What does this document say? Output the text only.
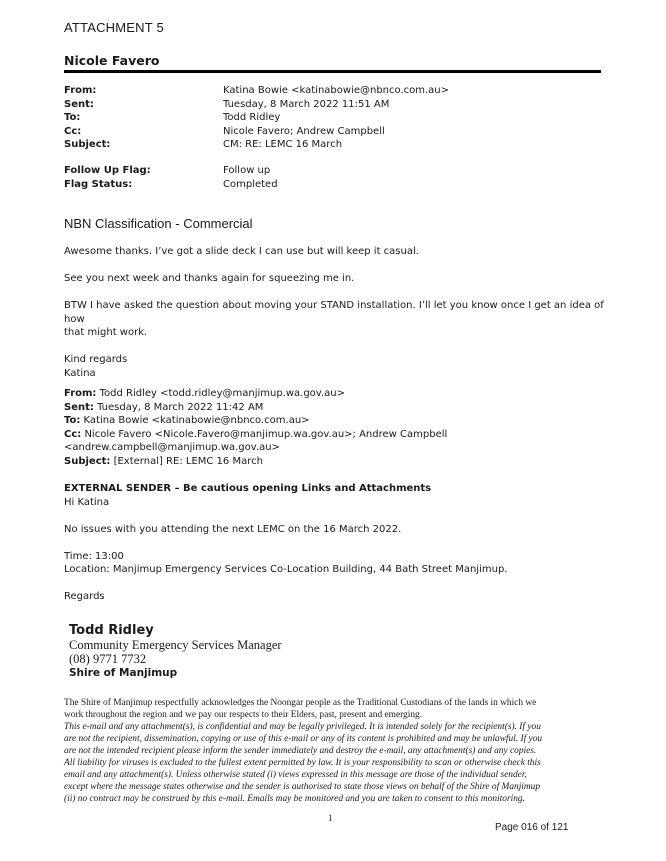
ATTACHMENT 5
Nicole Favero
From:	Katina Bowie <katinabowie@nbnco.com.au>
Sent:	Tuesday, 8 March 2022 11:51 AM
To:	Todd Ridley
Cc:	Nicole Favero; Andrew Campbell
Subject:	CM: RE: LEMC 16 March
Follow Up Flag:	Follow up
Flag Status:	Completed
NBN Classification - Commercial

Awesome thanks. I’ve got a slide deck I can use but will keep it casual.

See you next week and thanks again for squeezing me in.

BTW I have asked the question about moving your STAND installation. I’ll let you know once I get an idea of how

that might work.

Kind regards

Katina

From: Todd Ridley <todd.ridley@manjimup.wa.gov.au>

Sent: Tuesday, 8 March 2022 11:42 AM

To: Katina Bowie <katinabowie@nbnco.com.au>

Cc: Nicole Favero <Nicole.Favero@manjimup.wa.gov.au>; Andrew Campbell

<andrew.campbell@manjimup.wa.gov.au>

Subject: [External] RE: LEMC 16 March

EXTERNAL SENDER – Be cautious opening Links and Attachments

Hi Katina

No issues with you attending the next LEMC on the 16 March 2022.

Time: 13:00

Location: Manjimup Emergency Services Co-Location Building, 44 Bath Street Manjimup.

Regards

Todd Ridley
Community Emergency Services Manager
(08) 9771 7732
Shire of Manjimup
The Shire of Manjimup respectfully acknowledges the Noongar people as the Traditional Custodians of the lands in which we
work throughout the region and we pay our respects to their Elders, past, present and emerging.
This e-mail and any attachment(s), is confidential and may be legally privileged. It is intended solely for the recipient(s). If you
are not the recipient, dissemination, copying or use of this e-mail or any of its content is prohibited and may be unlawful. If you
are not the intended recipient please inform the sender immediately and destroy the e-mail, any attachment(s) and any copies.
All liability for viruses is excluded to the fullest extent permitted by law. It is your responsibility to scan or otherwise check this
email and any attachment(s). Unless otherwise stated (i) views expressed in this message are those of the individual sender,
except where the message states otherwise and the sender is authorised to state those views on behalf of the Shire of Manjimup
(ii) no contract may be construed by this e-mail. Emails may be monitored and you are taken to consent to this monitoring.
1
Page 016 of 121
